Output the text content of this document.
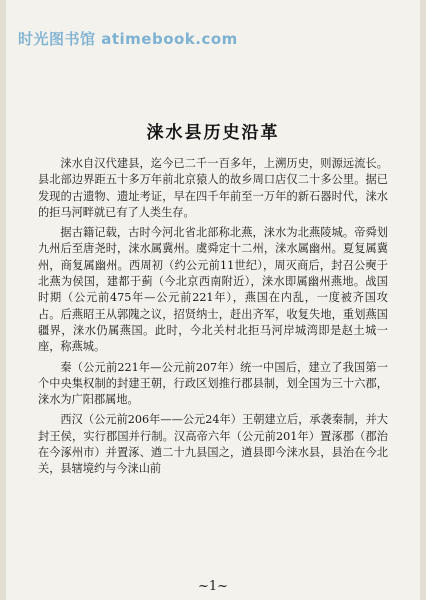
时光图书馆 atimebook.com
涞水县历史沿革

涞水自汉代建县，迄今已二千一百多年，上溯历史，则源远流长。县北部边界距五十多万年前北京猿人的故乡周口店仅二十多公里。据已发现的古遗物、遗址考证，早在四千年前至一万年的新石器时代，涞水的拒马河畔就已有了人类生存。

据古籍记载，古时今河北省北部称北燕，涞水为北燕陵城。帝舜划九州后至唐尧时，涞水属冀州。虞舜定十二州，涞水属幽州。夏复属冀州，商复属幽州。西周初（约公元前11世纪），周灭商后，封召公奭于北燕为侯国，建都于蓟（今北京西南附近），涞水即属幽州燕地。战国时期（公元前475年—公元前221年），燕国在内乱，一度被齐国攻占。后燕昭王从郭隗之议，招贤纳士，赶出齐军，收复失地，重划燕国疆界，涞水仍属燕国。此时，今北关村北拒马河岸城湾即是赵土城一座，称燕城。

秦（公元前221年—公元前207年）统一中国后，建立了我国第一个中央集权制的封建王朝，行政区划推行郡县制，划全国为三十六郡，涞水为广阳郡属地。

西汉（公元前206年——公元24年）王朝建立后，承袭秦制，并大封王侯，实行郡国并行制。汉高帝六年（公元前201年）置涿郡（郡治在今涿州市）并置涿、遒二十九县国之，遒县即今涞水县，县治在今北关，县辖境约与今涞山前

~1~
